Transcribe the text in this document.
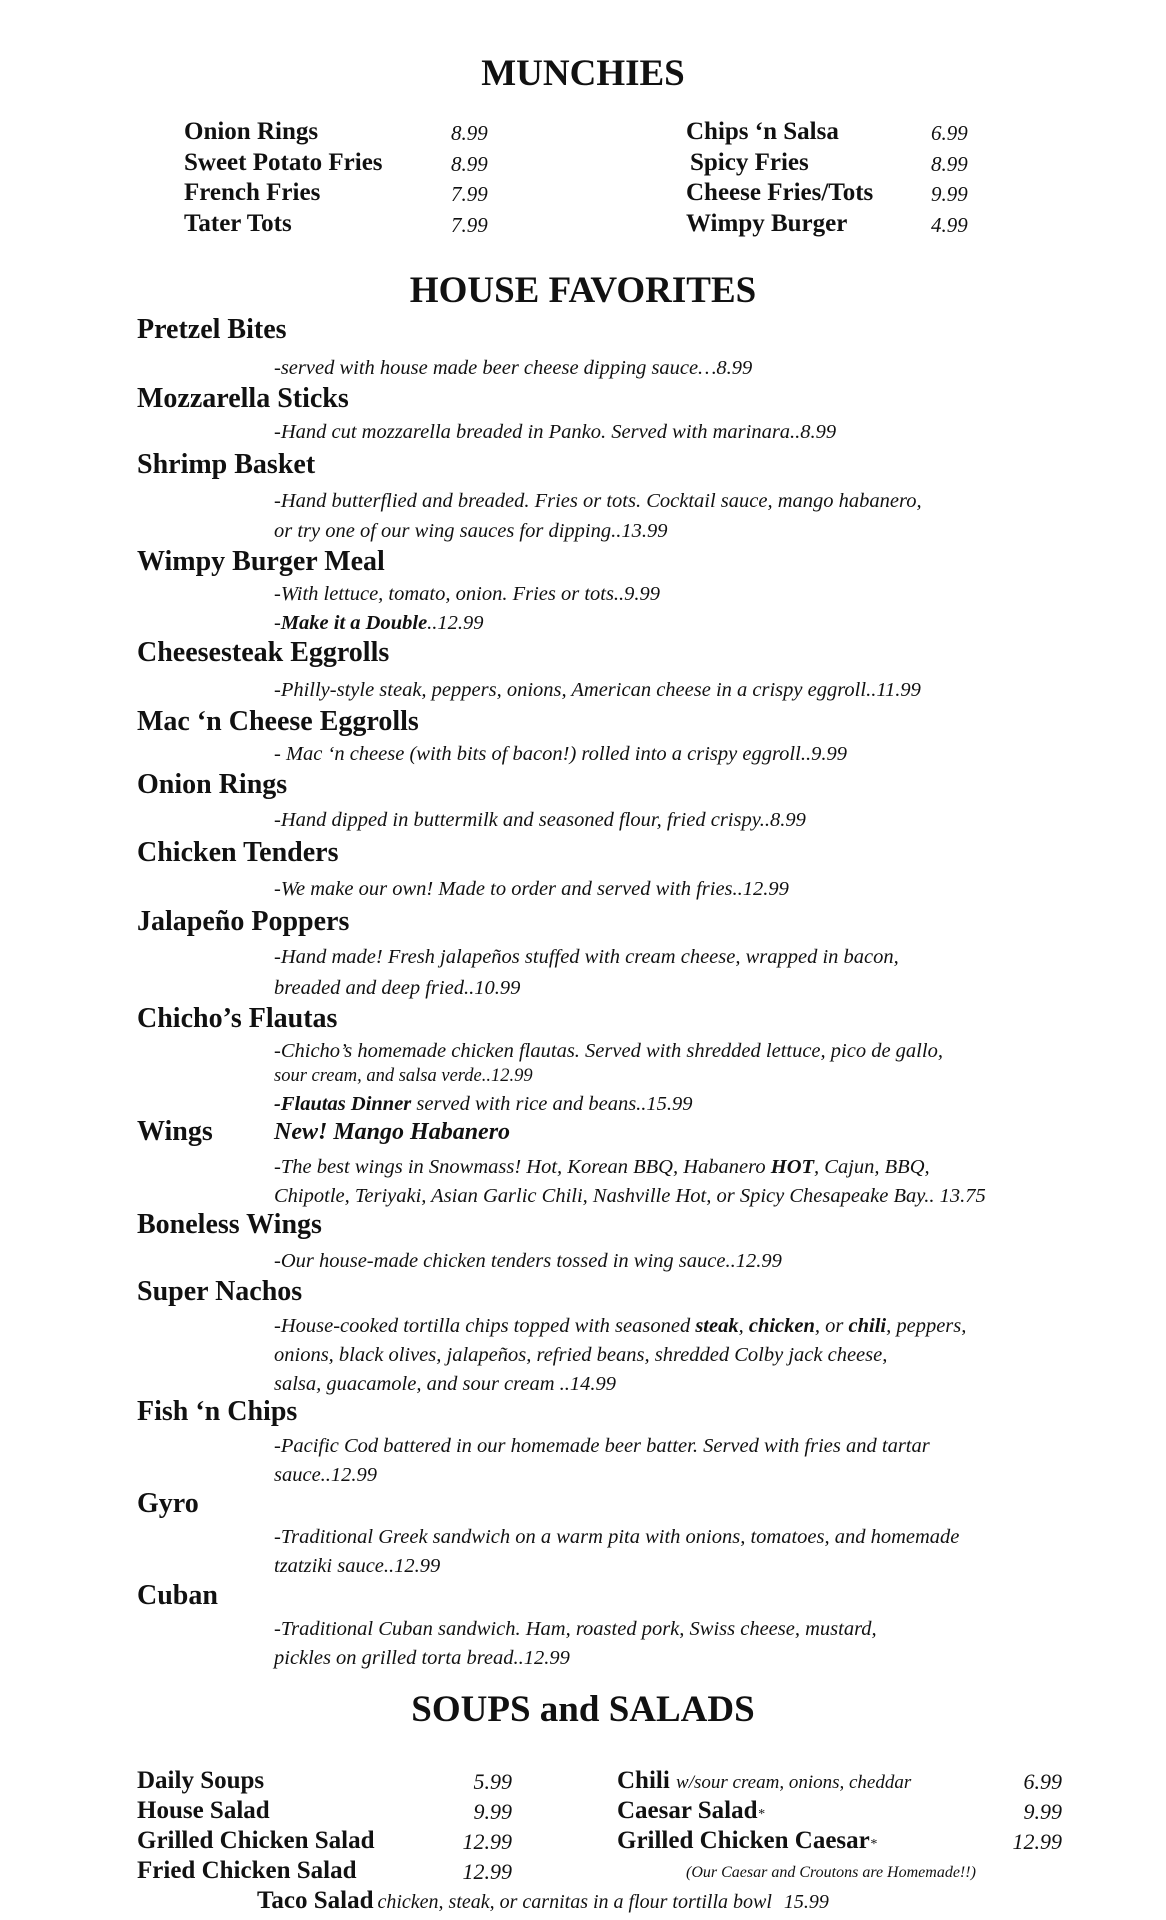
MUNCHIES
Onion Rings	8.99
Sweet Potato Fries	8.99
French Fries	7.99
Tater Tots	7.99
Chips ‘n Salsa	6.99
Spicy Fries	8.99
Cheese Fries/Tots	9.99
Wimpy Burger	4.99
HOUSE FAVORITES
Pretzel Bites
-served with house made beer cheese dipping sauce…8.99
Mozzarella Sticks
-Hand cut mozzarella breaded in Panko. Served with marinara..8.99
Shrimp Basket
-Hand butterflied and breaded. Fries or tots. Cocktail sauce, mango habanero,
or try one of our wing sauces for dipping..13.99
Wimpy Burger Meal
-With lettuce, tomato, onion. Fries or tots..9.99
-Make it a Double..12.99
Cheesesteak Eggrolls
-Philly-style steak, peppers, onions, American cheese in a crispy eggroll..11.99
Mac ‘n Cheese Eggrolls
- Mac ‘n cheese (with bits of bacon!) rolled into a crispy eggroll..9.99
Onion Rings
-Hand dipped in buttermilk and seasoned flour, fried crispy..8.99
Chicken Tenders
-We make our own! Made to order and served with fries..12.99
Jalapeño Poppers
-Hand made! Fresh jalapeños stuffed with cream cheese, wrapped in bacon,
breaded and deep fried..10.99
Chicho’s Flautas
-Chicho’s homemade chicken flautas. Served with shredded lettuce, pico de gallo,
sour cream, and salsa verde..12.99
-Flautas Dinner served with rice and beans..15.99
Wings	New! Mango Habanero
-The best wings in Snowmass! Hot, Korean BBQ, Habanero HOT, Cajun, BBQ,
Chipotle, Teriyaki, Asian Garlic Chili, Nashville Hot, or Spicy Chesapeake Bay.. 13.75
Boneless Wings
-Our house-made chicken tenders tossed in wing sauce..12.99
Super Nachos
-House-cooked tortilla chips topped with seasoned steak, chicken, or chili, peppers,
onions, black olives, jalapeños, refried beans, shredded Colby jack cheese,
salsa, guacamole, and sour cream ..14.99
Fish ‘n Chips
-Pacific Cod battered in our homemade beer batter. Served with fries and tartar
sauce..12.99
Gyro
-Traditional Greek sandwich on a warm pita with onions, tomatoes, and homemade
tzatziki sauce..12.99
Cuban
-Traditional Cuban sandwich. Ham, roasted pork, Swiss cheese, mustard,
pickles on grilled torta bread..12.99
SOUPS and SALADS
Daily Soups	5.99
House Salad	9.99
Grilled Chicken Salad	12.99
Fried Chicken Salad	12.99
Chili w/sour cream, onions, cheddar	6.99
Caesar Salad*	9.99
Grilled Chicken Caesar*	12.99
(Our Caesar and Croutons are Homemade!!)
Taco Salad chicken, steak, or carnitas in a flour tortilla bowl 15.99
